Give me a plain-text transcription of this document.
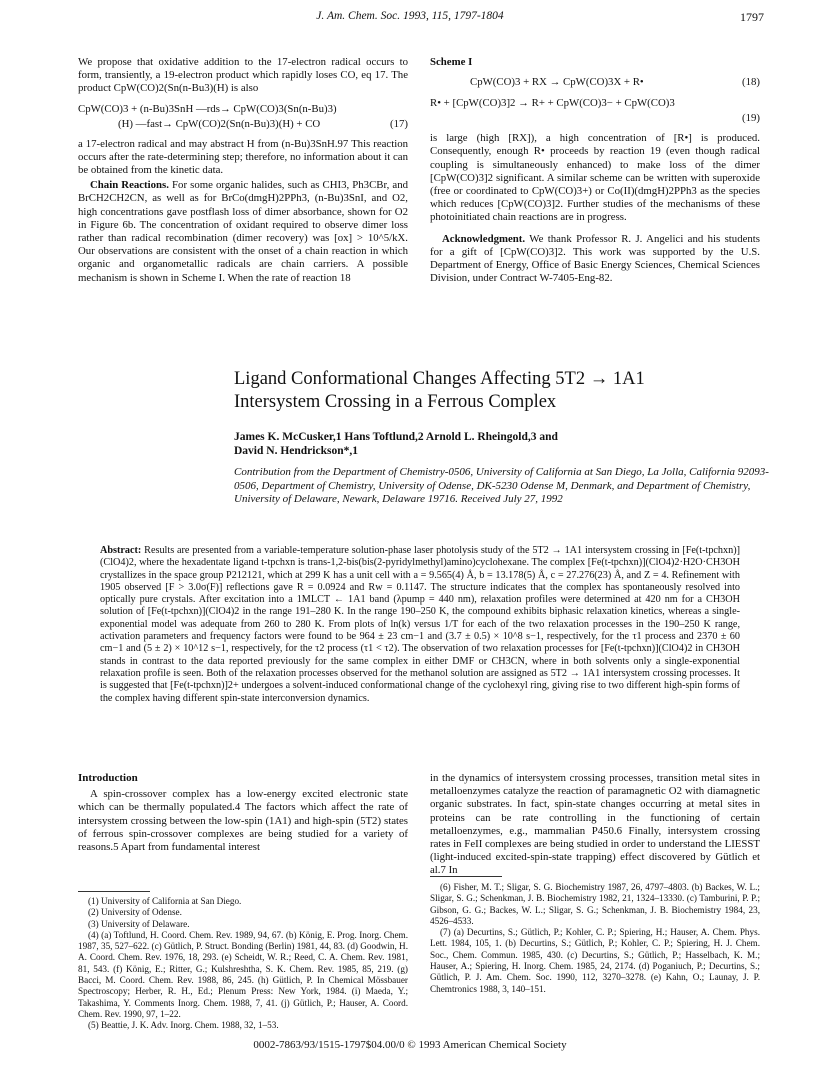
J. Am. Chem. Soc. 1993, 115, 1797-1804	1797

We propose that oxidative addition to the 17-electron radical occurs to form, transiently, a 19-electron product which rapidly loses CO, eq 17. The product CpW(CO)2(Sn(n-Bu3)(H) is also

CpW(CO)3 + (n-Bu)3SnH —rds→ CpW(CO)3(Sn(n-Bu)3)
(H) —fast→ CpW(CO)2(Sn(n-Bu)3)(H) + CO	(17)

a 17-electron radical and may abstract H from (n-Bu)3SnH.97 This reaction occurs after the rate-determining step; therefore, no information about it can be obtained from the kinetic data.

Chain Reactions. For some organic halides, such as CHI3, Ph3CBr, and BrCH2CH2CN, as well as for BrCo(dmgH)2PPh3, (n-Bu)3SnI, and O2, high concentrations gave postflash loss of dimer absorbance, shown for O2 in Figure 6b. The concentration of oxidant required to observe dimer loss rather than radical recombination (dimer recovery) was [ox] > 10^5/kX. Our observations are consistent with the onset of a chain reaction in which organic and organometallic radicals are chain carriers. A possible mechanism is shown in Scheme I. When the rate of reaction 18

Scheme I
CpW(CO)3 + RX → CpW(CO)3X + R•	(18)
R• + [CpW(CO)3]2 → R+ + CpW(CO)3− + CpW(CO)3
(19)

is large (high [RX]), a high concentration of [R•] is produced. Consequently, enough R• proceeds by reaction 19 (even though radical coupling is simultaneously enhanced) to make loss of the dimer [CpW(CO)3]2 significant. A similar scheme can be written with superoxide (free or coordinated to CpW(CO)3+) or Co(II)(dmgH)2PPh3 as the species which reduces [CpW(CO)3]2. Further studies of the mechanisms of these photoinitiated chain reactions are in progress.

Acknowledgment. We thank Professor R. J. Angelici and his students for a gift of [CpW(CO)3]2. This work was supported by the U.S. Department of Energy, Office of Basic Energy Sciences, Chemical Sciences Division, under Contract W-7405-Eng-82.

Ligand Conformational Changes Affecting 5T2 → 1A1
Intersystem Crossing in a Ferrous Complex
James K. McCusker,1 Hans Toftlund,2 Arnold L. Rheingold,3 and
David N. Hendrickson*,1
Contribution from the Department of Chemistry-0506, University of California at San Diego, La Jolla, California 92093-0506, Department of Chemistry, University of Odense, DK-5230 Odense M, Denmark, and Department of Chemistry, University of Delaware, Newark, Delaware 19716. Received July 27, 1992
Abstract: Results are presented from a variable-temperature solution-phase laser photolysis study of the 5T2 → 1A1 intersystem crossing in [Fe(t-tpchxn)](ClO4)2, where the hexadentate ligand t-tpchxn is trans-1,2-bis(bis(2-pyridylmethyl)amino)cyclohexane. The complex [Fe(t-tpchxn)](ClO4)2·H2O·CH3OH crystallizes in the space group P212121, which at 299 K has a unit cell with a = 9.565(4) Å, b = 13.178(5) Å, c = 27.276(23) Å, and Z = 4. Refinement with 1905 observed [F > 3.0σ(F)] reflections gave R = 0.0924 and Rw = 0.1147. The structure indicates that the complex has spontaneously resolved into optically pure crystals. After excitation into a 1MLCT ← 1A1 band (λpump = 440 nm), relaxation profiles were determined at 420 nm for a CH3OH solution of [Fe(t-tpchxn)](ClO4)2 in the range 191–280 K. In the range 190–250 K, the compound exhibits biphasic relaxation kinetics, whereas a single-exponential model was adequate from 260 to 280 K. From plots of ln(k) versus 1/T for each of the two relaxation processes in the 190–250 K range, activation parameters and frequency factors were found to be 964 ± 23 cm−1 and (3.7 ± 0.5) × 10^8 s−1, respectively, for the τ1 process and 2370 ± 60 cm−1 and (5 ± 2) × 10^12 s−1, respectively, for the τ2 process (τ1 < τ2). The observation of two relaxation processes for [Fe(t-tpchxn)](ClO4)2 in CH3OH stands in contrast to the data reported previously for the same complex in either DMF or CH3CN, where in both solvents only a single-exponential relaxation profile is seen. Both of the relaxation processes observed for the methanol solution are assigned as 5T2 → 1A1 intersystem crossing processes. It is suggested that [Fe(t-tpchxn)]2+ undergoes a solvent-induced conformational change of the cyclohexyl ring, giving rise to two different high-spin forms of the complex having different spin-state interconversion dynamics.
Introduction

A spin-crossover complex has a low-energy excited electronic state which can be thermally populated.4 The factors which affect the rate of intersystem crossing between the low-spin (1A1) and high-spin (5T2) states of ferrous spin-crossover complexes are being studied for a variety of reasons.5 Apart from fundamental interest

in the dynamics of intersystem crossing processes, transition metal sites in metalloenzymes catalyze the reaction of paramagnetic O2 with diamagnetic organic substrates. In fact, spin-state changes occurring at metal sites in proteins can be rate controlling in the functioning of certain metalloenzymes, e.g., mammalian P450.6 Finally, intersystem crossing rates in FeII complexes are being studied in order to understand the LIESST (light-induced excited-spin-state trapping) effect discovered by Gütlich et al.7 In

(1) University of California at San Diego.

(2) University of Odense.

(3) University of Delaware.

(4) (a) Toftlund, H. Coord. Chem. Rev. 1989, 94, 67. (b) König, E. Prog. Inorg. Chem. 1987, 35, 527–622. (c) Gütlich, P. Struct. Bonding (Berlin) 1981, 44, 83. (d) Goodwin, H. A. Coord. Chem. Rev. 1976, 18, 293. (e) Scheidt, W. R.; Reed, C. A. Chem. Rev. 1981, 81, 543. (f) König, E.; Ritter, G.; Kulshreshtha, S. K. Chem. Rev. 1985, 85, 219. (g) Bacci, M. Coord. Chem. Rev. 1988, 86, 245. (h) Gütlich, P. In Chemical Mössbauer Spectroscopy; Herber, R. H., Ed.; Plenum Press: New York, 1984. (i) Maeda, Y.; Takashima, Y. Comments Inorg. Chem. 1988, 7, 41. (j) Gütlich, P.; Hauser, A. Coord. Chem. Rev. 1990, 97, 1–22.

(5) Beattie, J. K. Adv. Inorg. Chem. 1988, 32, 1–53.

(6) Fisher, M. T.; Sligar, S. G. Biochemistry 1987, 26, 4797–4803. (b) Backes, W. L.; Sligar, S. G.; Schenkman, J. B. Biochemistry 1982, 21, 1324–13330. (c) Tamburini, P. P.; Gibson, G. G.; Backes, W. L.; Sligar, S. G.; Schenkman, J. B. Biochemistry 1984, 23, 4526–4533.

(7) (a) Decurtins, S.; Gütlich, P.; Kohler, C. P.; Spiering, H.; Hauser, A. Chem. Phys. Lett. 1984, 105, 1. (b) Decurtins, S.; Gütlich, P.; Kohler, C. P.; Spiering, H. J. Chem. Soc., Chem. Commun. 1985, 430. (c) Decurtins, S.; Gütlich, P.; Hasselbach, K. M.; Hauser, A.; Spiering, H. Inorg. Chem. 1985, 24, 2174. (d) Poganiuch, P.; Decurtins, S.; Gütlich, P. J. Am. Chem. Soc. 1990, 112, 3270–3278. (e) Kahn, O.; Launay, J. P. Chemtronics 1988, 3, 140–151.

0002-7863/93/1515-1797$04.00/0 © 1993 American Chemical Society
